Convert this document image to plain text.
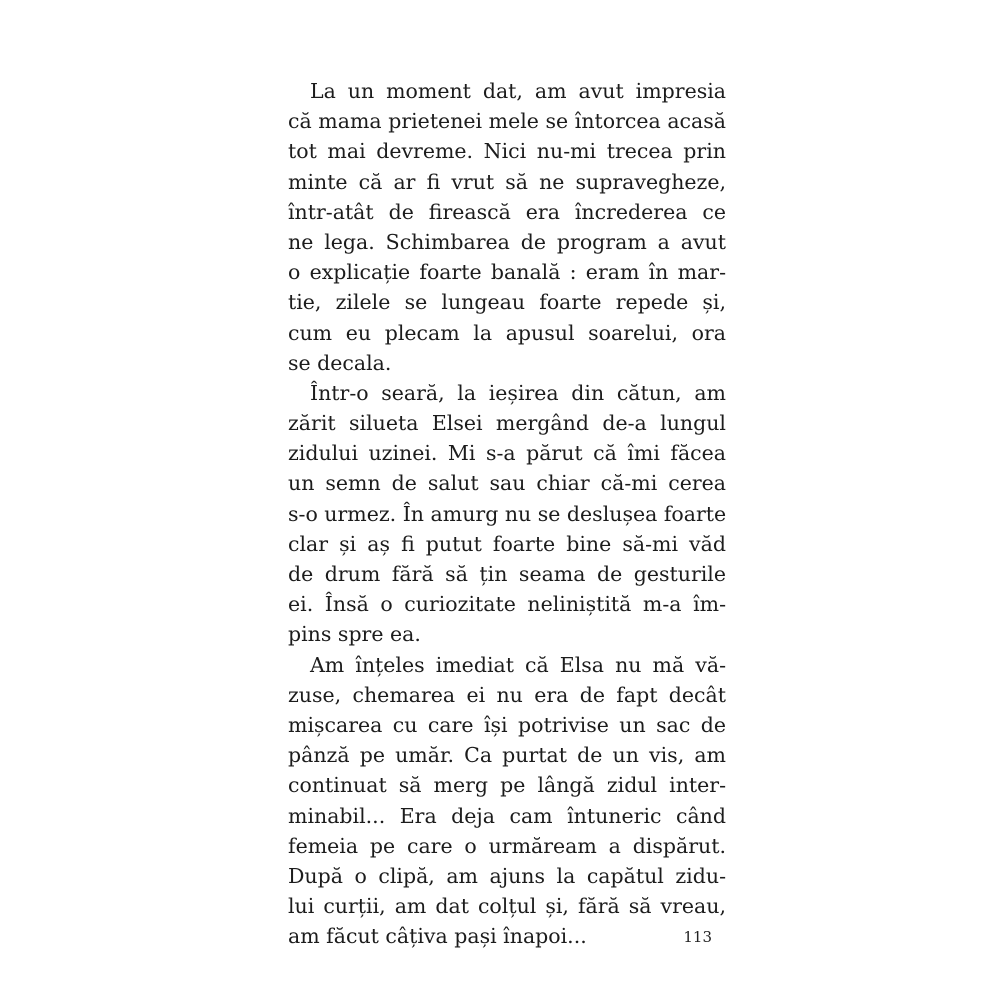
La un moment dat, am avut impresia
că mama prietenei mele se întorcea acasă
tot mai devreme. Nici nu-mi trecea prin
minte că ar fi vrut să ne supravegheze,
într-atât de firească era încrederea ce
ne lega. Schimbarea de program a avut
o explicație foarte banală : eram în mar-
tie, zilele se lungeau foarte repede și,
cum eu plecam la apusul soarelui, ora
se decala.
Într-o seară, la ieșirea din cătun, am
zărit silueta Elsei mergând de-a lungul
zidului uzinei. Mi s-a părut că îmi făcea
un semn de salut sau chiar că-mi cerea
s-o urmez. În amurg nu se deslușea foarte
clar și aș fi putut foarte bine să-mi văd
de drum fără să țin seama de gesturile
ei. Însă o curiozitate neliniștită m-a îm-
pins spre ea.
Am înțeles imediat că Elsa nu mă vă-
zuse, chemarea ei nu era de fapt decât
mișcarea cu care își potrivise un sac de
pânză pe umăr. Ca purtat de un vis, am
continuat să merg pe lângă zidul inter-
minabil... Era deja cam întuneric când
femeia pe care o urmăream a dispărut.
După o clipă, am ajuns la capătul zidu-
lui curții, am dat colțul și, fără să vreau,
am făcut câțiva pași înapoi...	113
